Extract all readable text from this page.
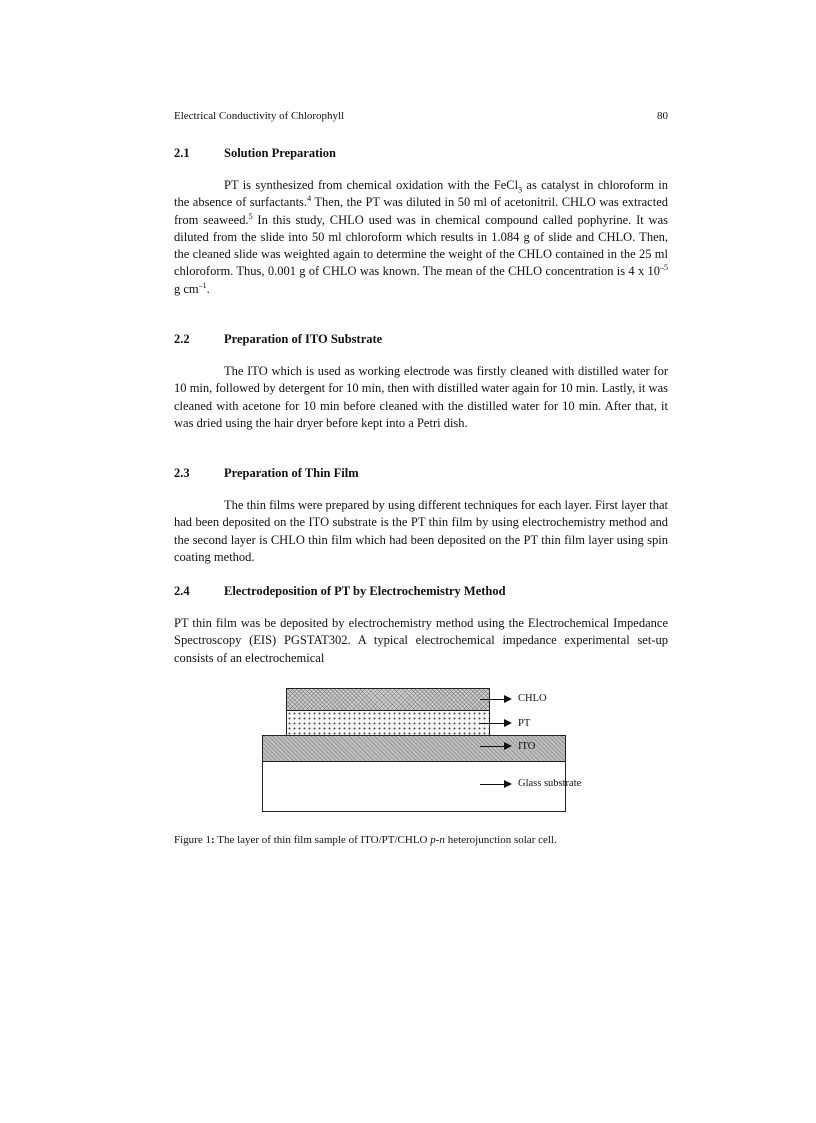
Electrical Conductivity of Chlorophyll	80
2.1	Solution Preparation

PT is synthesized from chemical oxidation with the FeCl$_3$ as catalyst in chloroform in the absence of surfactants.$^4$ Then, the PT was diluted in 50 ml of acetonitril. CHLO was extracted from seaweed.$^5$ In this study, CHLO used was in chemical compound called pophyrine. It was diluted from the slide into 50 ml chloroform which results in 1.084 g of slide and CHLO. Then, the cleaned slide was weighted again to determine the weight of the CHLO contained in the 25 ml chloroform. Thus, 0.001 g of CHLO was known. The mean of the CHLO concentration is 4 x $10^{-5}$ g $cm^{-1}$.

2.2	Preparation of ITO Substrate

The ITO which is used as working electrode was firstly cleaned with distilled water for 10 min, followed by detergent for 10 min, then with distilled water again for 10 min. Lastly, it was cleaned with acetone for 10 min before cleaned with the distilled water for 10 min. After that, it was dried using the hair dryer before kept into a Petri dish.

2.3	Preparation of Thin Film

The thin films were prepared by using different techniques for each layer. First layer that had been deposited on the ITO substrate is the PT thin film by using electrochemistry method and the second layer is CHLO thin film which had been deposited on the PT thin film layer using spin coating method.

2.4	Electrodeposition of PT by Electrochemistry Method

PT thin film was be deposited by electrochemistry method using the Electrochemical Impedance Spectroscopy (EIS) PGSTAT302. A typical electrochemical impedance experimental set-up consists of an electrochemical

CHLO
PT
ITO
Glass substrate
Figure 1: The layer of thin film sample of ITO/PT/CHLO p-n heterojunction solar cell.
